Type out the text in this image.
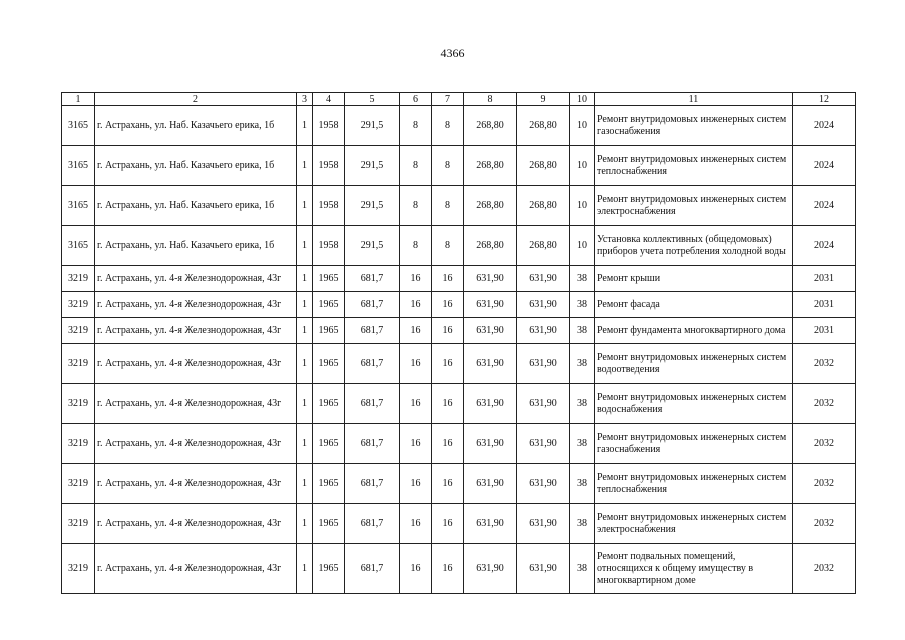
4366
1	2	3	4	5	6	7	8	9	10	11	12
3165	г. Астрахань, ул. Наб. Казачьего ерика, 1б	1	1958	291,5	8	8	268,80	268,80	10	Ремонт внутридомовых инженерных систем газоснабжения	2024
3165	г. Астрахань, ул. Наб. Казачьего ерика, 1б	1	1958	291,5	8	8	268,80	268,80	10	Ремонт внутридомовых инженерных систем теплоснабжения	2024
3165	г. Астрахань, ул. Наб. Казачьего ерика, 1б	1	1958	291,5	8	8	268,80	268,80	10	Ремонт внутридомовых инженерных систем электроснабжения	2024
3165	г. Астрахань, ул. Наб. Казачьего ерика, 1б	1	1958	291,5	8	8	268,80	268,80	10	Установка коллективных (общедомовых) приборов учета потребления холодной воды	2024
3219	г. Астрахань, ул. 4-я Железнодорожная, 43г	1	1965	681,7	16	16	631,90	631,90	38	Ремонт крыши	2031
3219	г. Астрахань, ул. 4-я Железнодорожная, 43г	1	1965	681,7	16	16	631,90	631,90	38	Ремонт фасада	2031
3219	г. Астрахань, ул. 4-я Железнодорожная, 43г	1	1965	681,7	16	16	631,90	631,90	38	Ремонт фундамента многоквартирного дома	2031
3219	г. Астрахань, ул. 4-я Железнодорожная, 43г	1	1965	681,7	16	16	631,90	631,90	38	Ремонт внутридомовых инженерных систем водоотведения	2032
3219	г. Астрахань, ул. 4-я Железнодорожная, 43г	1	1965	681,7	16	16	631,90	631,90	38	Ремонт внутридомовых инженерных систем водоснабжения	2032
3219	г. Астрахань, ул. 4-я Железнодорожная, 43г	1	1965	681,7	16	16	631,90	631,90	38	Ремонт внутридомовых инженерных систем газоснабжения	2032
3219	г. Астрахань, ул. 4-я Железнодорожная, 43г	1	1965	681,7	16	16	631,90	631,90	38	Ремонт внутридомовых инженерных систем теплоснабжения	2032
3219	г. Астрахань, ул. 4-я Железнодорожная, 43г	1	1965	681,7	16	16	631,90	631,90	38	Ремонт внутридомовых инженерных систем электроснабжения	2032
3219	г. Астрахань, ул. 4-я Железнодорожная, 43г	1	1965	681,7	16	16	631,90	631,90	38	Ремонт подвальных помещений, относящихся к общему имуществу в многоквартирном доме	2032
